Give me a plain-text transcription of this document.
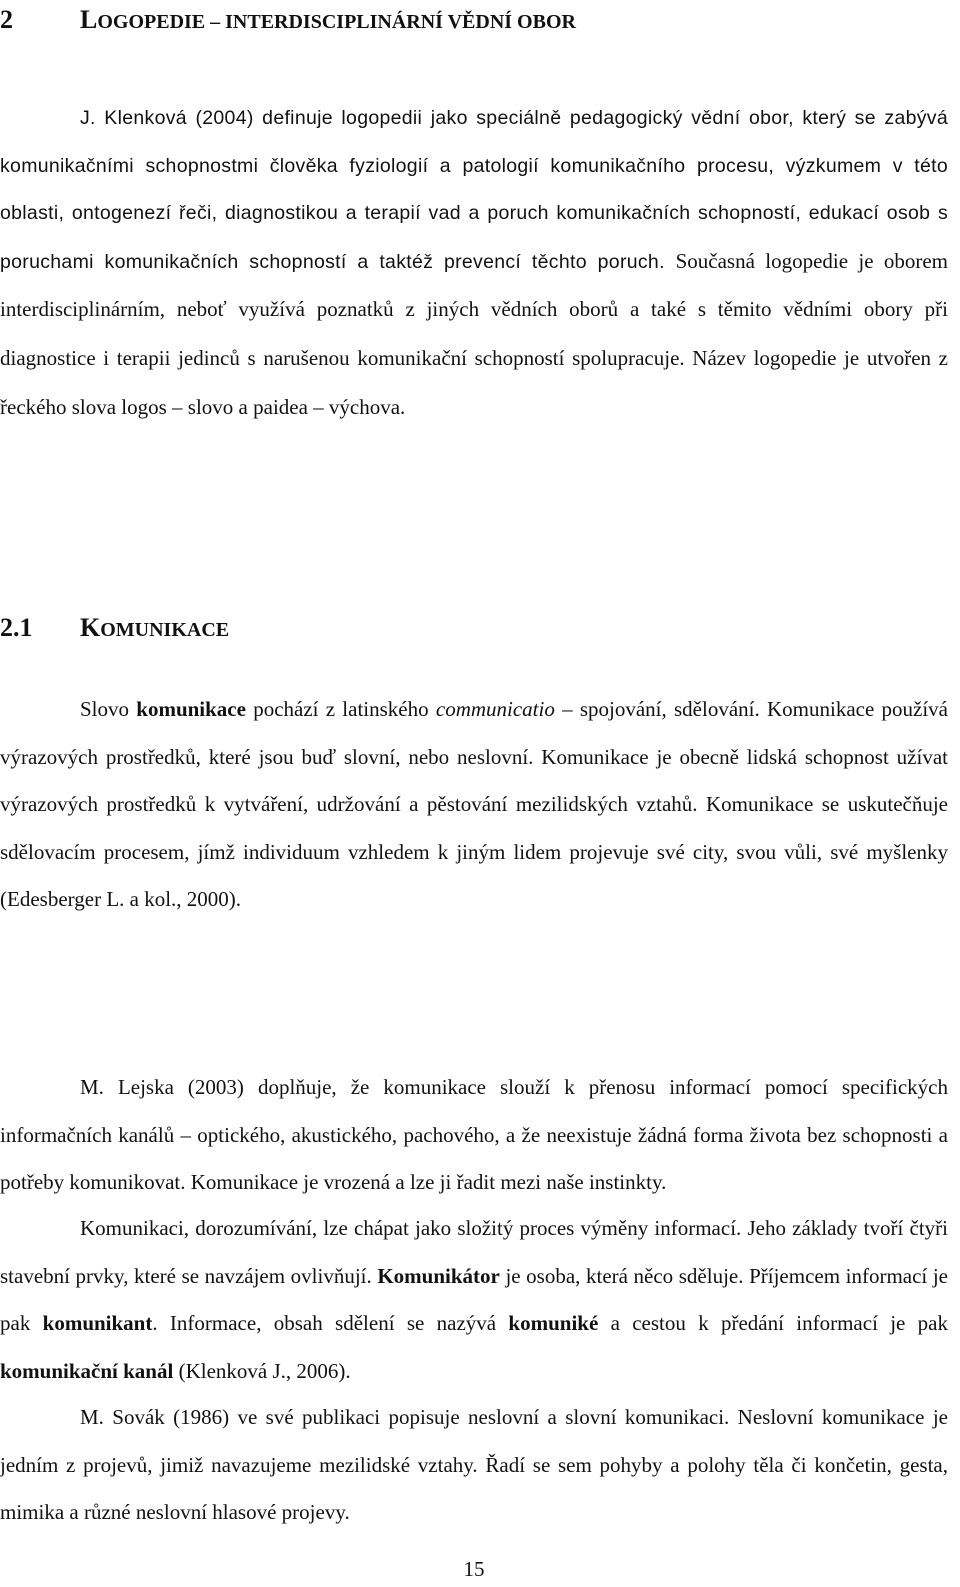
2	LOGOPEDIE – INTERDISCIPLINÁRNÍ VĚDNÍ OBOR

J. Klenková (2004) definuje logopedii jako speciálně pedagogický vědní obor, který se zabývá komunikačními schopnostmi člověka fyziologií a patologií komunikačního procesu, výzkumem v této oblasti, ontogenezí řeči, diagnostikou a terapií vad a poruch komunikačních schopností, edukací osob s poruchami komunikačních schopností a taktéž prevencí těchto poruch. Současná logopedie je oborem interdisciplinárním, neboť využívá poznatků z jiných vědních oborů a také s těmito vědními obory při diagnostice i terapii jedinců s narušenou komunikační schopností spolupracuje. Název logopedie je utvořen z řeckého slova logos – slovo a paidea – výchova.

2.1 KOMUNIKACE

Slovo komunikace pochází z latinského communicatio – spojování, sdělování. Komunikace používá výrazových prostředků, které jsou buď slovní, nebo neslovní. Komunikace je obecně lidská schopnost užívat výrazových prostředků k vytváření, udržování a pěstování mezilidských vztahů. Komunikace se uskutečňuje sdělovacím procesem, jímž individuum vzhledem k jiným lidem projevuje své city, svou vůli, své myšlenky (Edesberger L. a kol., 2000).

M. Lejska (2003) doplňuje, že komunikace slouží k přenosu informací pomocí specifických informačních kanálů – optického, akustického, pachového, a že neexistuje žádná forma života bez schopnosti a potřeby komunikovat. Komunikace je vrozená a lze ji řadit mezi naše instinkty.

Komunikaci, dorozumívání, lze chápat jako složitý proces výměny informací. Jeho základy tvoří čtyři stavební prvky, které se navzájem ovlivňují. Komunikátor je osoba, která něco sděluje. Příjemcem informací je pak komunikant. Informace, obsah sdělení se nazývá komuniké a cestou k předání informací je pak komunikační kanál (Klenková J., 2006).

M. Sovák (1986) ve své publikaci popisuje neslovní a slovní komunikaci. Neslovní komunikace je jedním z projevů, jimiž navazujeme mezilidské vztahy. Řadí se sem pohyby a polohy těla či končetin, gesta, mimika a různé neslovní hlasové projevy.

15
